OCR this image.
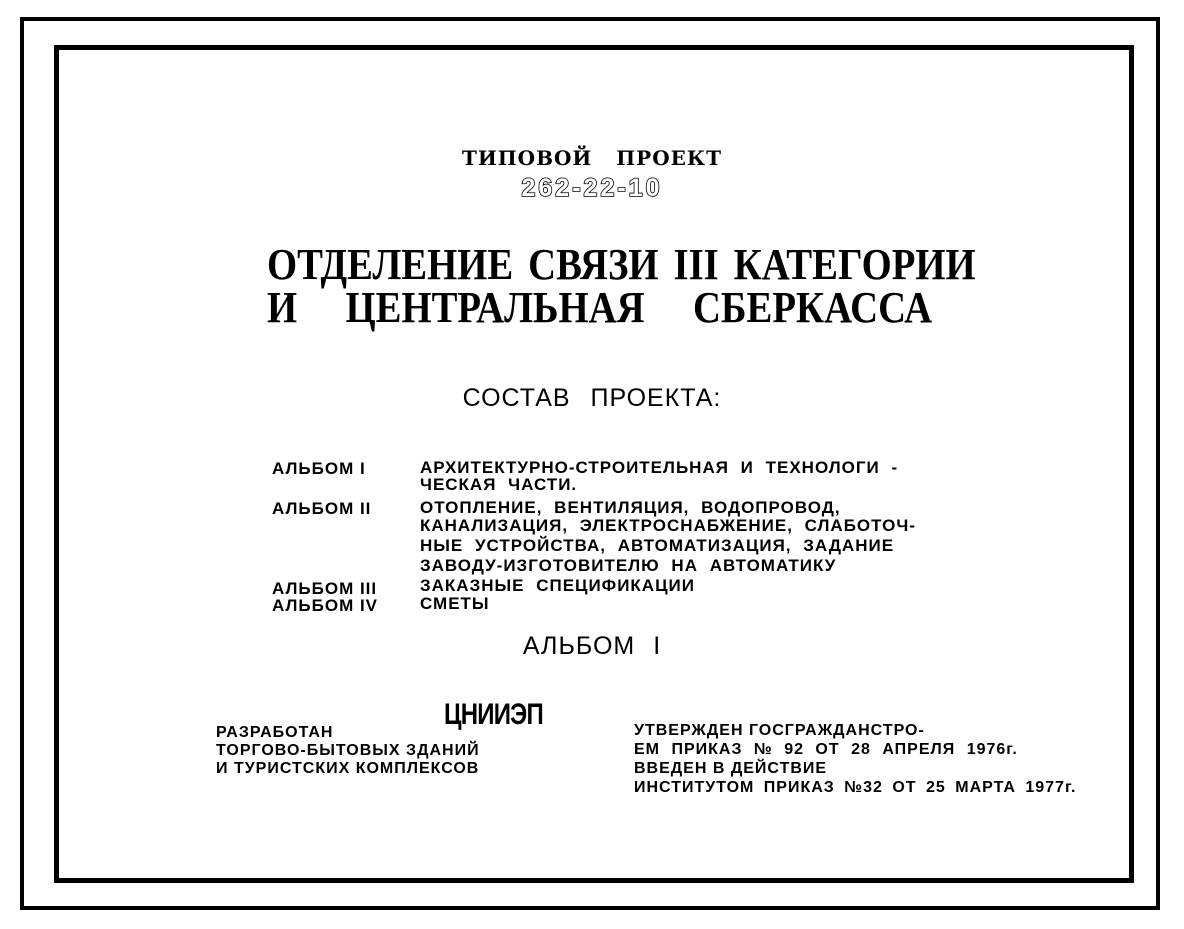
ТИПОВОЙ ПРОЕКТ
262-22-10
ОТДЕЛЕНИЕ СВЯЗИ III КАТЕГОРИИ
И ЦЕНТРАЛЬНАЯ СБЕРКАССА
СОСТАВ ПРОЕКТА:
АЛЬБОМ I	АРХИТЕКТУРНО-СТРОИТЕЛЬНАЯ И ТЕХНОЛОГИ -
ЧЕСКАЯ ЧАСТИ.
АЛЬБОМ II	ОТОПЛЕНИЕ, ВЕНТИЛЯЦИЯ, ВОДОПРОВОД,
КАНАЛИЗАЦИЯ, ЭЛЕКТРОСНАБЖЕНИЕ, СЛАБОТОЧ-
НЫЕ УСТРОЙСТВА, АВТОМАТИЗАЦИЯ, ЗАДАНИЕ
ЗАВОДУ-ИЗГОТОВИТЕЛЮ НА АВТОМАТИКУ
АЛЬБОМ III	ЗАКАЗНЫЕ СПЕЦИФИКАЦИИ
АЛЬБОМ IV СМЕТЫ
АЛЬБОМ I
РАЗРАБОТАН
ЦНИИЭП
ТОРГОВО-БЫТОВЫХ ЗДАНИЙ
И ТУРИСТСКИХ КОМПЛЕКСОВ
УТВЕРЖДЕН ГОСГРАЖДАНСТРО-
ЕМ ПРИКАЗ № 92 ОТ 28 АПРЕЛЯ 1976г.
ВВЕДЕН В ДЕЙСТВИЕ
ИНСТИТУТОМ ПРИКАЗ №32 ОТ 25 МАРТА 1977г.
